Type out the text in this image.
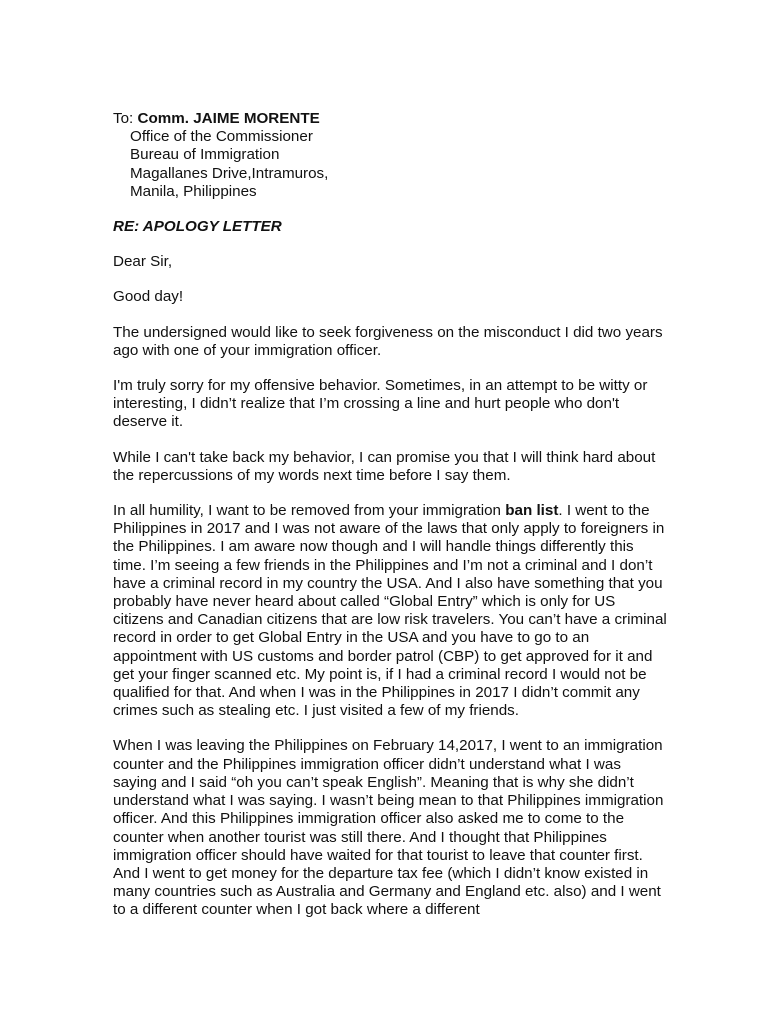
To: Comm. JAIME MORENTE
Office of the Commissioner
Bureau of Immigration
Magallanes Drive,Intramuros,
Manila, Philippines
RE: APOLOGY LETTER

Dear Sir,

Good day!

The undersigned would like to seek forgiveness on the misconduct I did two years ago with one of your immigration officer.

I'm truly sorry for my offensive behavior. Sometimes, in an attempt to be witty or interesting, I didn’t realize that I’m crossing a line and hurt people who don't deserve it.

While I can't take back my behavior, I can promise you that I will think hard about the repercussions of my words next time before I say them.

In all humility, I want to be removed from your immigration ban list. I went to the Philippines in 2017 and I was not aware of the laws that only apply to foreigners in the Philippines. I am aware now though and I will handle things differently this time. I’m seeing a few friends in the Philippines and I’m not a criminal and I don’t have a criminal record in my country the USA. And I also have something that you probably have never heard about called “Global Entry” which is only for US citizens and Canadian citizens that are low risk travelers. You can’t have a criminal record in order to get Global Entry in the USA and you have to go to an appointment with US customs and border patrol (CBP) to get approved for it and get your finger scanned etc. My point is, if I had a criminal record I would not be qualified for that. And when I was in the Philippines in 2017 I didn’t commit any crimes such as stealing etc. I just visited a few of my friends.

When I was leaving the Philippines on February 14,2017, I went to an immigration counter and the Philippines immigration officer didn’t understand what I was saying and I said “oh you can’t speak English”. Meaning that is why she didn’t understand what I was saying. I wasn’t being mean to that Philippines immigration officer. And this Philippines immigration officer also asked me to come to the counter when another tourist was still there. And I thought that Philippines immigration officer should have waited for that tourist to leave that counter first. And I went to get money for the departure tax fee (which I didn’t know existed in many countries such as Australia and Germany and England etc. also) and I went to a different counter when I got back where a different
